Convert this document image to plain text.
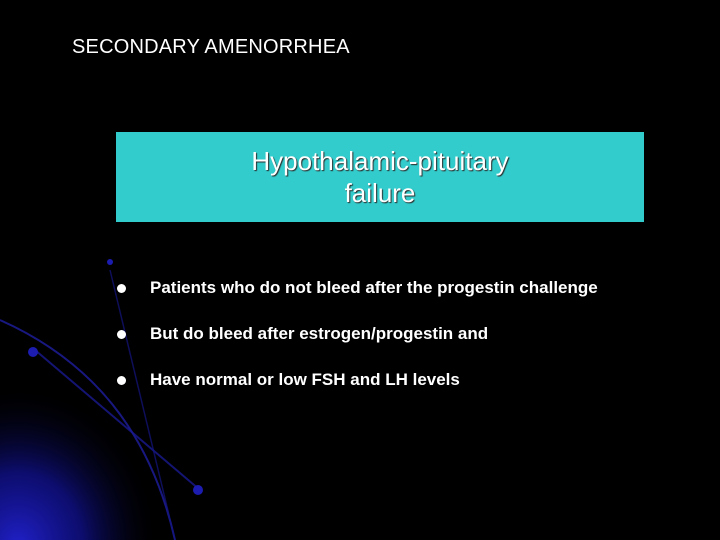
SECONDARY AMENORRHEA
Hypothalamic-pituitary failure
Patients who do not bleed after the progestin challenge
But do bleed after estrogen/progestin and
Have normal or low FSH and LH levels
